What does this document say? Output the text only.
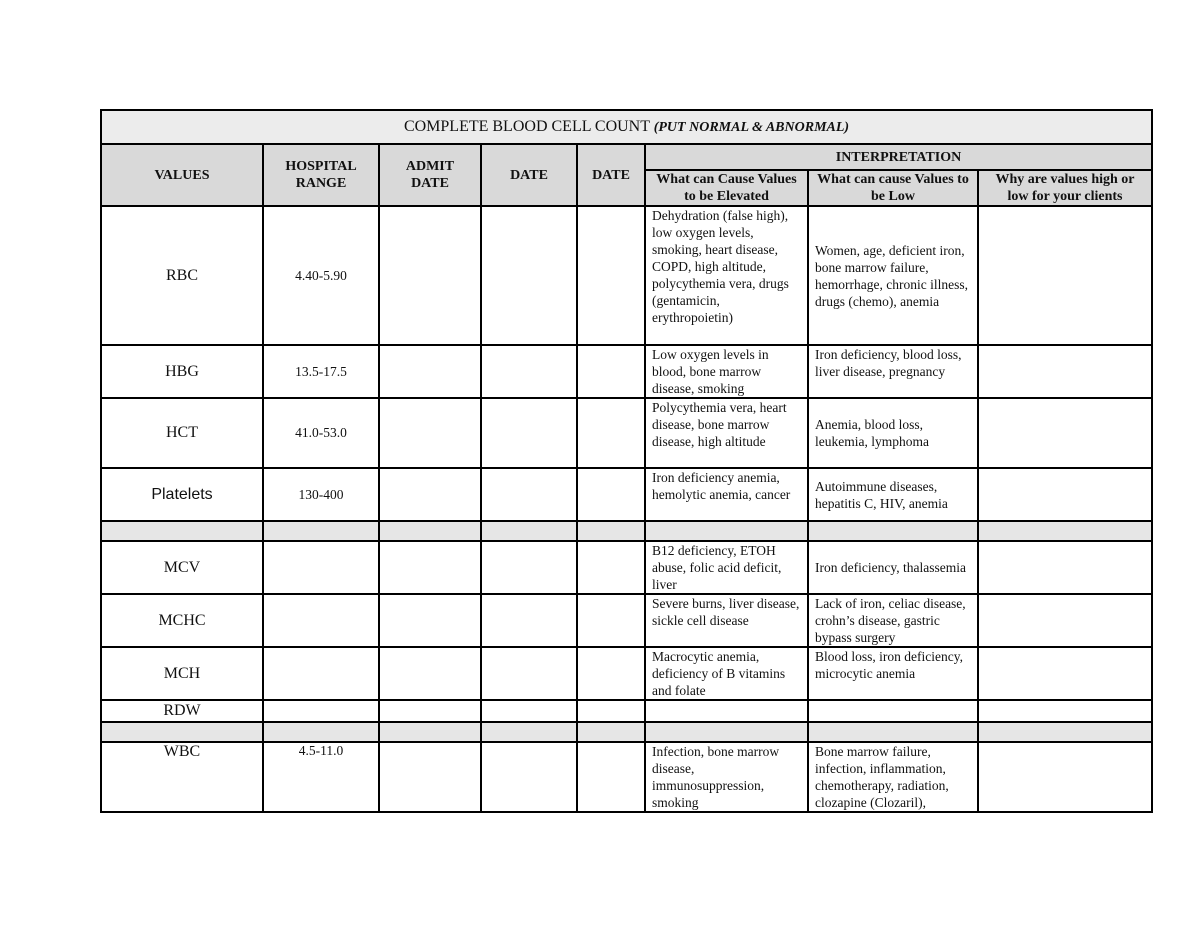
COMPLETE BLOOD CELL COUNT (PUT NORMAL & ABNORMAL)							
VALUES	HOSPITAL RANGE	ADMIT DATE	DATE	DATE	INTERPRETATION		
					What can Cause Values to be Elevated	What can cause Values to be Low	Why are values high or low for your clients
RBC	4.40-5.90				Dehydration (false high), low oxygen levels, smoking, heart disease, COPD, high altitude, polycythemia vera, drugs (gentamicin, erythropoietin)	Women, age, deficient iron, bone marrow failure, hemorrhage, chronic illness, drugs (chemo), anemia	
HBG	13.5-17.5				Low oxygen levels in blood, bone marrow disease, smoking	Iron deficiency, blood loss, liver disease, pregnancy	
HCT	41.0-53.0				Polycythemia vera, heart disease, bone marrow disease, high altitude	Anemia, blood loss, leukemia, lymphoma	
Platelets	130-400				Iron deficiency anemia, hemolytic anemia, cancer	Autoimmune diseases, hepatitis C, HIV, anemia	

MCV					B12 deficiency, ETOH abuse, folic acid deficit, liver	Iron deficiency, thalassemia	
MCHC					Severe burns, liver disease, sickle cell disease	Lack of iron, celiac disease, crohn’s disease, gastric bypass surgery	
MCH					Macrocytic anemia, deficiency of B vitamins and folate	Blood loss, iron deficiency, microcytic anemia	
RDW							

WBC	4.5-11.0				Infection, bone marrow disease, immunosuppression, smoking	Bone marrow failure, infection, inflammation, chemotherapy, radiation, clozapine (Clozaril),	
